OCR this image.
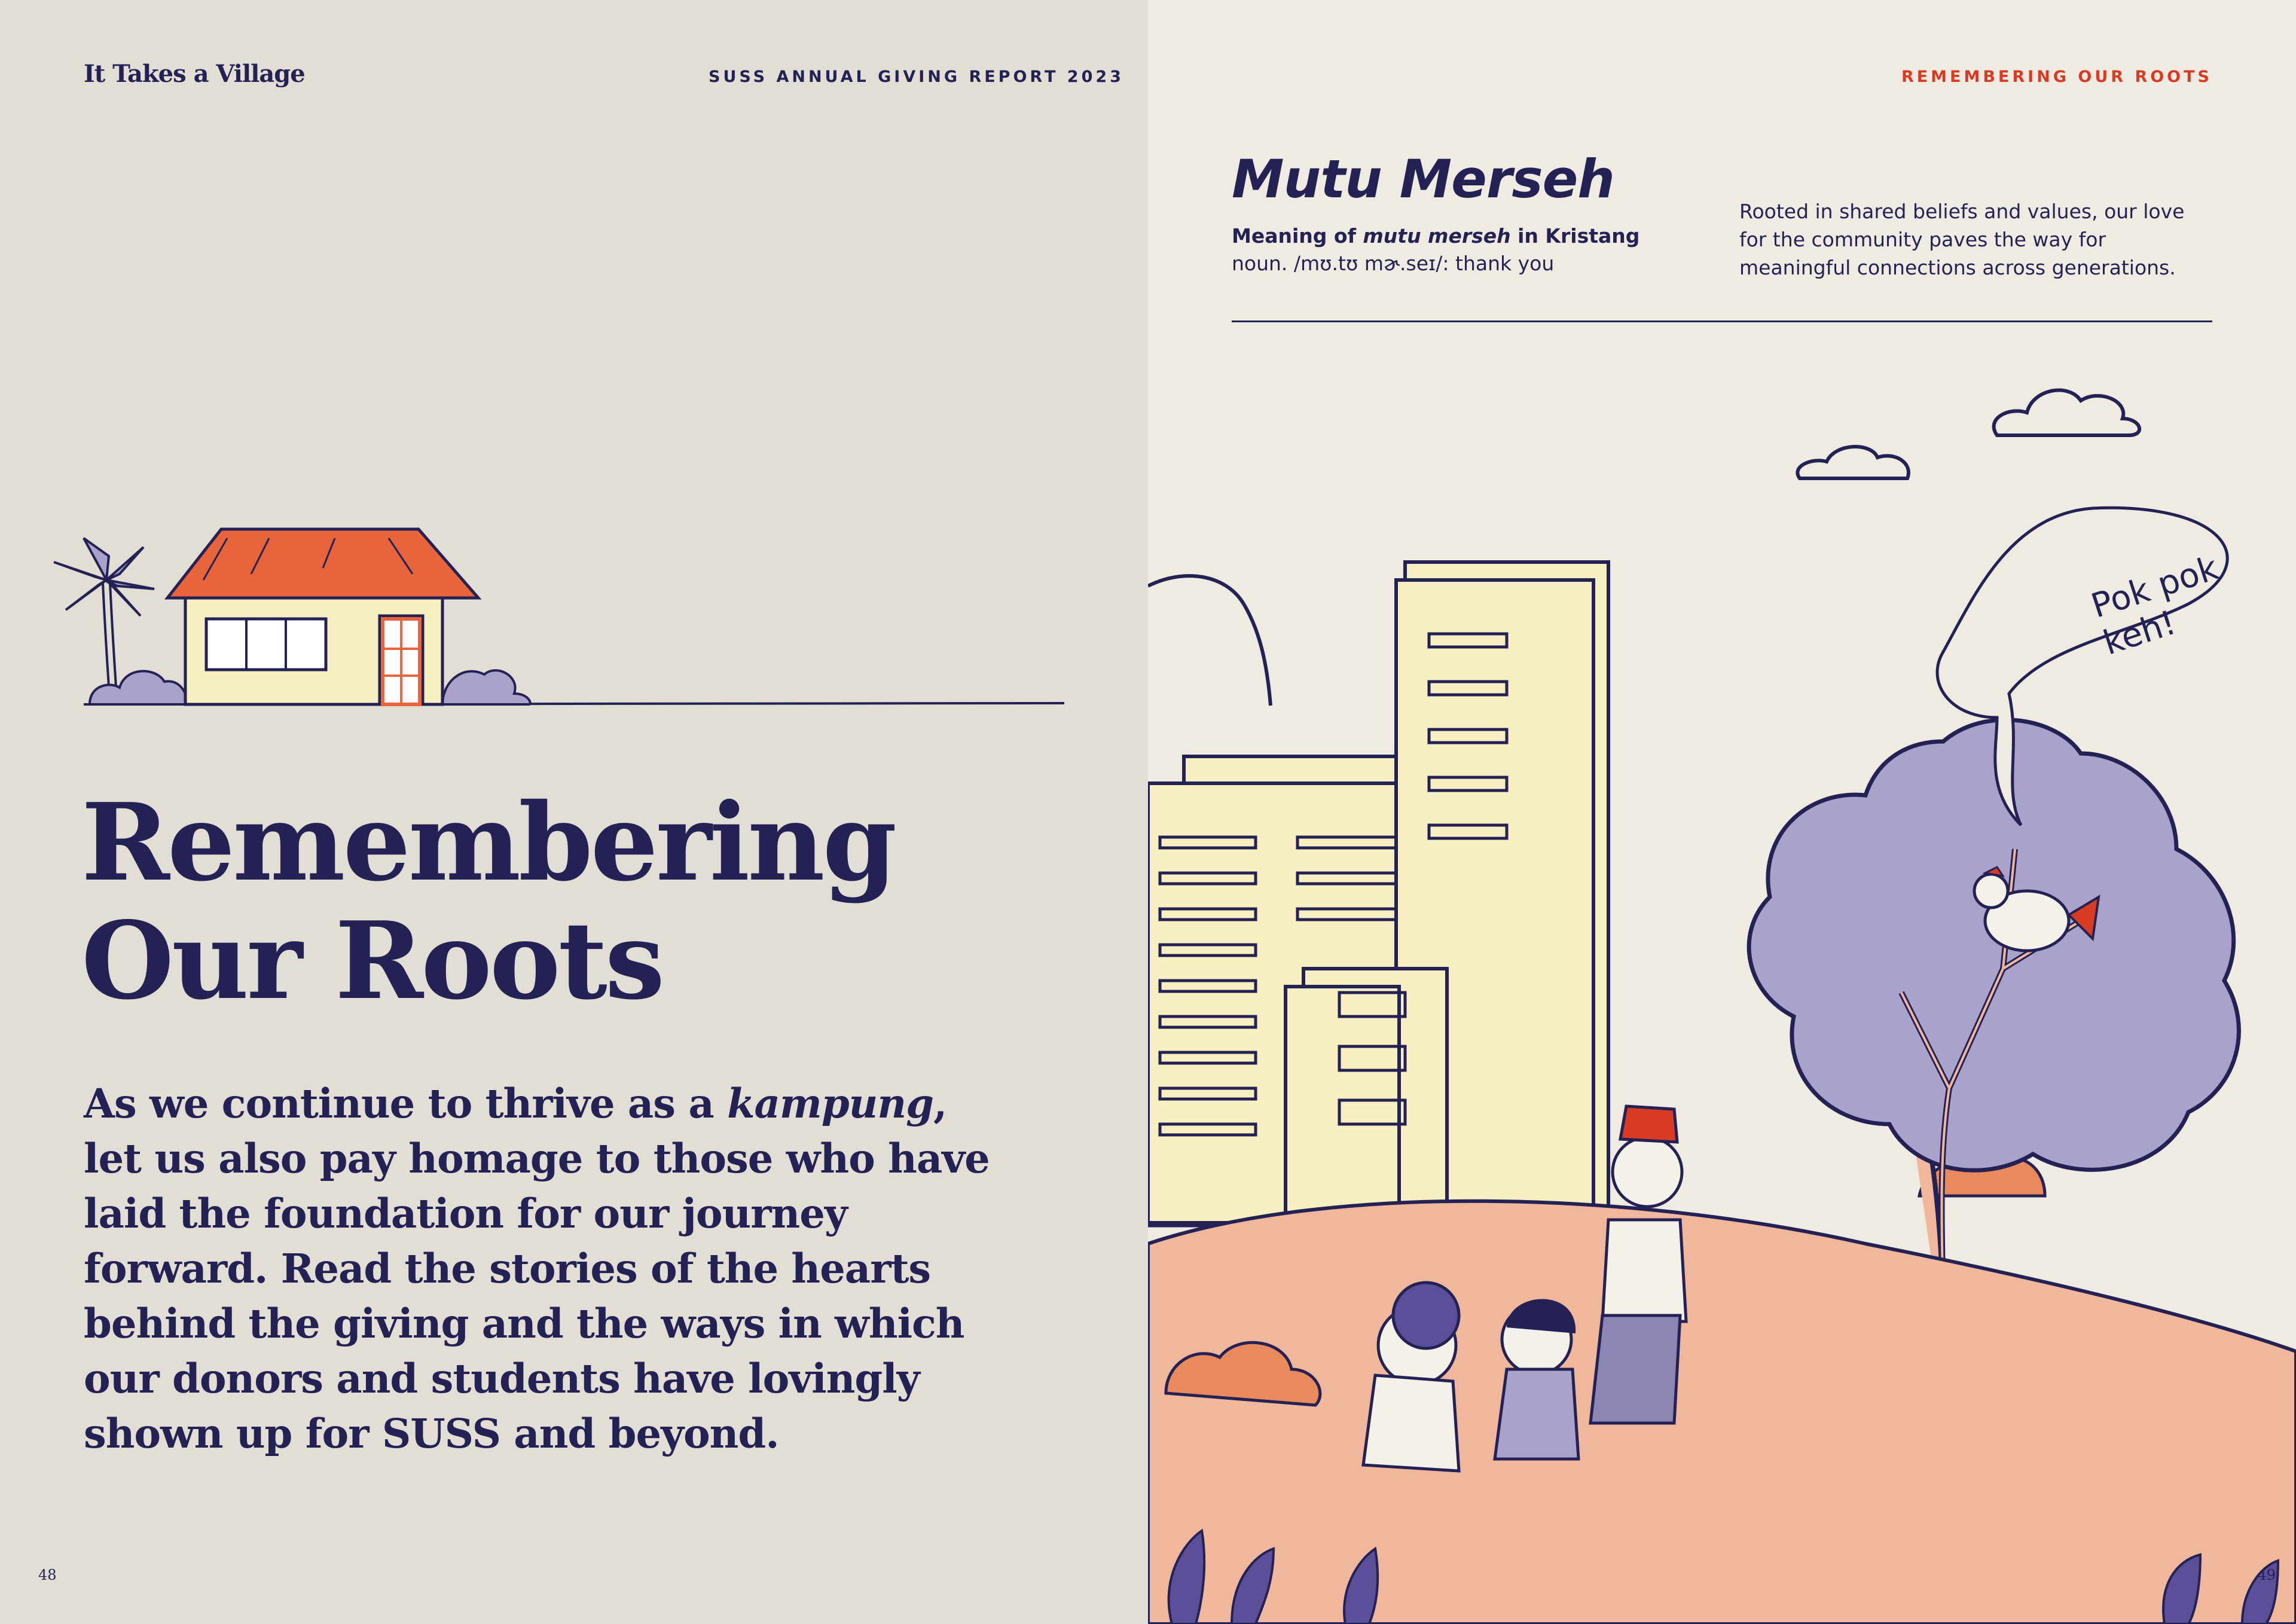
It Takes a Village	SUSS ANNUAL GIVING REPORT 2023
Remembering
Our Roots
As we continue to thrive as a kampung, let us also pay homage to those who have laid the foundation for our journey forward. Read the stories of the hearts behind the giving and the ways in which our donors and students have lovingly shown up for SUSS and beyond.
48
REMEMBERING OUR ROOTS
Mutu Merseh
Meaning of mutu merseh in Kristang
noun. /mʊ.tʊ mɚ.seɪ/: thank you
Rooted in shared beliefs and values, our love for the community paves the way for meaningful connections across generations.
Pok pok keh!
49
